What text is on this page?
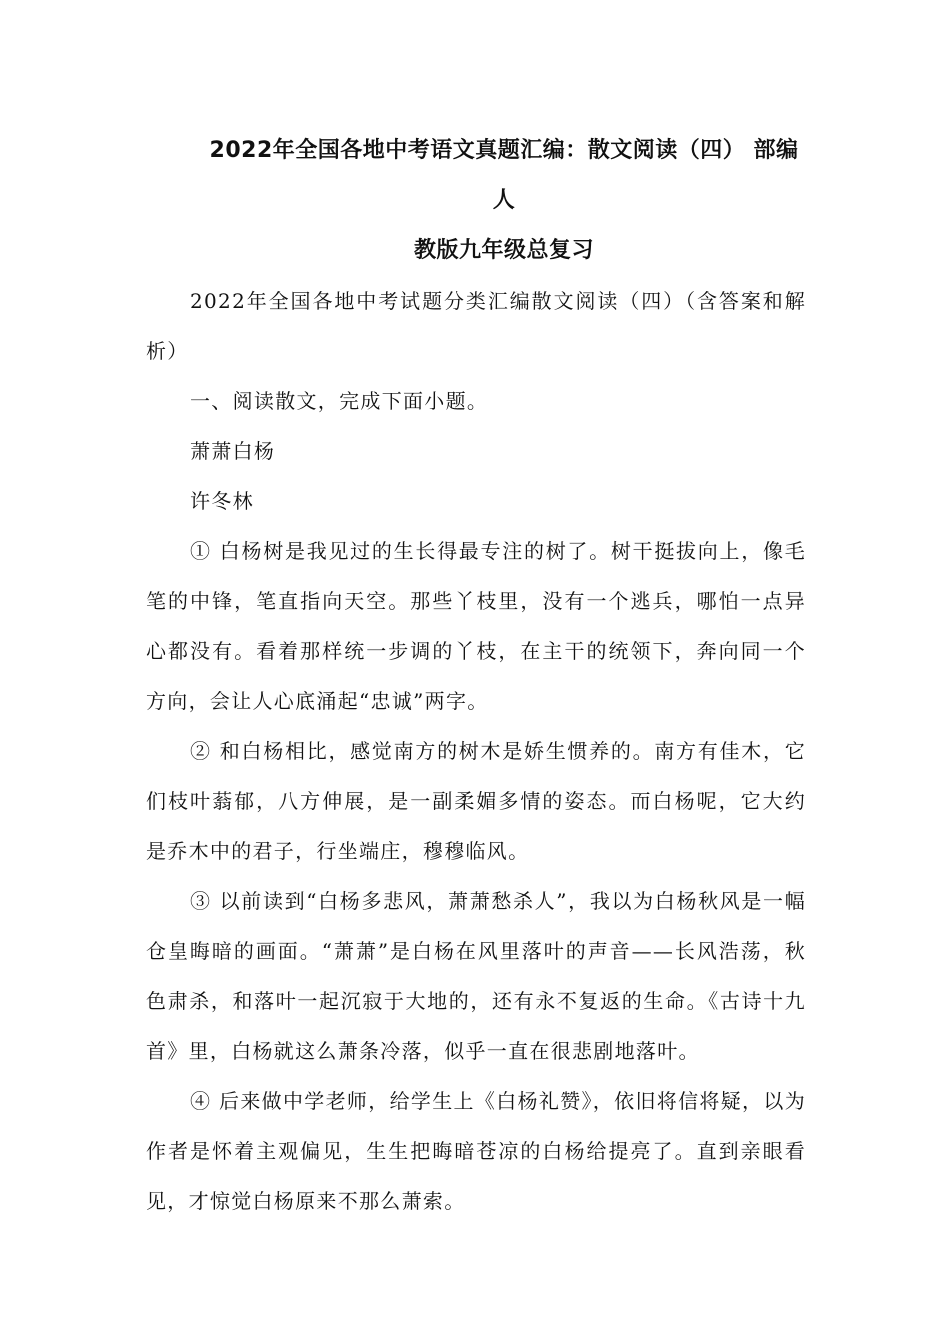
2022年全国各地中考语文真题汇编：散文阅读（四） 部编人
教版九年级总复习

2022年全国各地中考试题分类汇编散文阅读（四）（含答案和解析）

一、阅读散文，完成下面小题。

萧萧白杨

许冬林

① 白杨树是我见过的生长得最专注的树了。树干挺拔向上，像毛笔的中锋，笔直指向天空。那些丫枝里，没有一个逃兵，哪怕一点异心都没有。看着那样统一步调的丫枝，在主干的统领下，奔向同一个方向，会让人心底涌起“忠诚”两字。

② 和白杨相比，感觉南方的树木是娇生惯养的。南方有佳木，它们枝叶蓊郁，八方伸展，是一副柔媚多情的姿态。而白杨呢，它大约是乔木中的君子，行坐端庄，穆穆临风。

③ 以前读到“白杨多悲风，萧萧愁杀人”，我以为白杨秋风是一幅仓皇晦暗的画面。“萧萧”是白杨在风里落叶的声音——长风浩荡，秋色肃杀，和落叶一起沉寂于大地的，还有永不复返的生命。《古诗十九首》里，白杨就这么萧条冷落，似乎一直在很悲剧地落叶。

④ 后来做中学老师，给学生上《白杨礼赞》，依旧将信将疑，以为作者是怀着主观偏见，生生把晦暗苍凉的白杨给提亮了。直到亲眼看见，才惊觉白杨原来不那么萧索。
